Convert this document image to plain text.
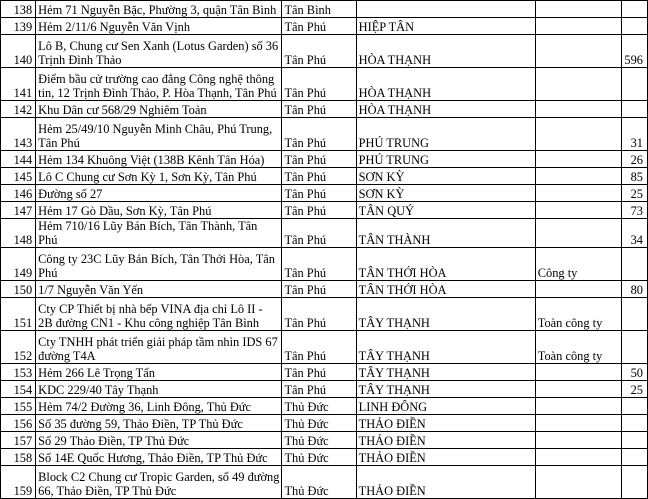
138	Hẻm 71 Nguyễn Bặc, Phường 3, quận Tân Bình	Tân Bình			
139	Hẻm 2/11/6 Nguyễn Văn Vịnh	Tân Phú	HIỆP TÂN		
140	Lô B, Chung cư Sen Xanh (Lotus Garden) số 36 Trịnh Đình Thảo	Tân Phú	HÒA THẠNH		596
141	Điểm bầu cử trường cao đẳng Công nghệ thông tin, 12 Trịnh Đình Thảo, P. Hòa Thạnh, Tân Phú	Tân Phú	HÒA THẠNH		
142	Khu Dân cư 568/29 Nghiêm Toản	Tân Phú	HÒA THẠNH		
143	Hẻm 25/49/10 Nguyễn Minh Châu, Phú Trung, Tân Phú	Tân Phú	PHÚ TRUNG		31
144	Hẻm 134 Khuông Việt (138B Kênh Tân Hóa)	Tân Phú	PHÚ TRUNG		26
145	Lô C Chung cư Sơn Kỳ 1, Sơn Kỳ, Tân Phú	Tân Phú	SƠN KỲ		85
146	Đường số 27	Tân Phú	SƠN KỲ		25
147	Hẻm 17 Gò Dầu, Sơn Kỳ, Tân Phú	Tân Phú	TÂN QUÝ		73
148	Hẻm 710/16 Lũy Bán Bích, Tân Thành, Tân Phú	Tân Phú	TÂN THÀNH		34
149	Công ty 23C Lũy Bán Bích, Tân Thới Hòa, Tân Phú	Tân Phú	TÂN THỚI HÒA	Công ty	
150	1/7 Nguyễn Văn Yến	Tân Phú	TÂN THỚI HÒA		80
151	Cty CP Thiết bị nhà bếp VINA địa chỉ Lô II - 2B đường CN1 - Khu công nghiệp Tân Bình	Tân Phú	TÂY THẠNH	Toàn công ty	
152	Cty TNHH phát triển giải pháp tầm nhìn IDS 67 đường T4A	Tân Phú	TÂY THẠNH	Toàn công ty	
153	Hẻm 266 Lê Trọng Tấn	Tân Phú	TÂY THẠNH		50
154	KDC 229/40 Tây Thạnh	Tân Phú	TÂY THẠNH		25
155	Hẻm 74/2 Đường 36, Linh Đông, Thủ Đức	Thủ Đức	LINH ĐÔNG		
156	Số 35 đường 59, Thảo Điền, TP Thủ Đức	Thủ Đức	THẢO ĐIỀN		
157	Số 29 Thảo Điền, TP Thủ Đức	Thủ Đức	THẢO ĐIỀN		
158	Số 14E Quốc Hương, Thảo Điền, TP Thủ Đức	Thủ Đức	THẢO ĐIỀN		
159	Block C2 Chung cư Tropic Garden, số 49 đường 66, Thảo Điền, TP Thủ Đức	Thủ Đức	THẢO ĐIỀN		
